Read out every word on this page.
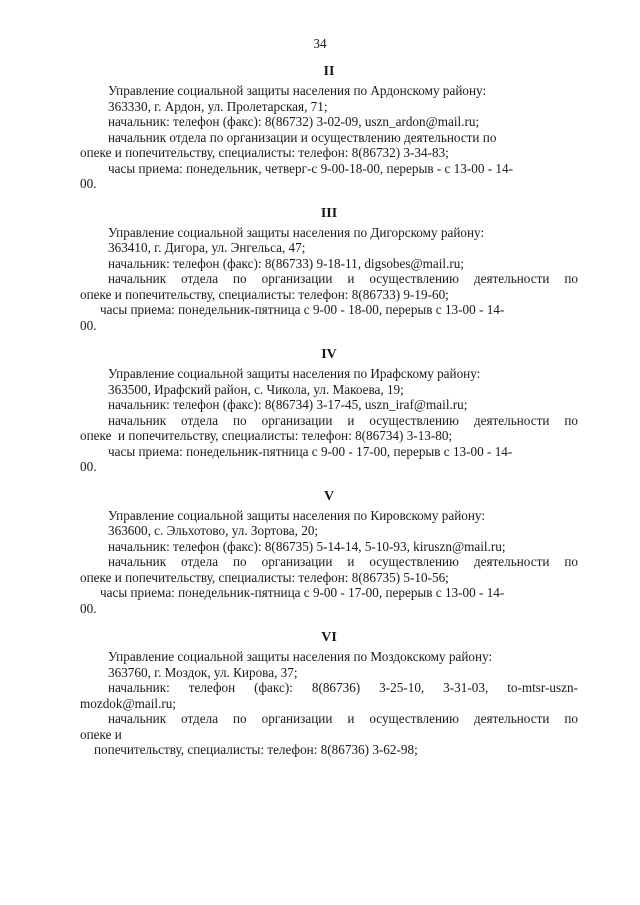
34
II
Управление социальной защиты населения по Ардонскому району:
363330, г. Ардон, ул. Пролетарская, 71;
начальник: телефон (факс): 8(86732) 3-02-09, uszn_ardon@mail.ru;
начальник отдела по организации и осуществлению деятельности по
опеке и попечительству, специалисты: телефон: 8(86732) 3-34-83;
часы приема: понедельник, четверг-с 9-00-18-00, перерыв - с 13-00 - 14-
00.
III
Управление социальной защиты населения по Дигорскому району:
363410, г. Дигора, ул. Энгельса, 47;
начальник: телефон (факс): 8(86733) 9-18-11, digsobes@mail.ru;
начальник отдела по организации и осуществлению деятельности по
опеке и попечительству, специалисты: телефон: 8(86733) 9-19-60;
часы приема: понедельник-пятница с 9-00 - 18-00, перерыв с 13-00 - 14-
00.
IV
Управление социальной защиты населения по Ирафскому району:
363500, Ирафский район, с. Чикола, ул. Макоева, 19;
начальник: телефон (факс): 8(86734) 3-17-45, uszn_iraf@mail.ru;
начальник отдела по организации и осуществлению деятельности по
опеке  и попечительству, специалисты: телефон: 8(86734) 3-13-80;
часы приема: понедельник-пятница с 9-00 - 17-00, перерыв с 13-00 - 14-
00.
V
Управление социальной защиты населения по Кировскому району:
363600, с. Эльхотово, ул. Зортова, 20;
начальник: телефон (факс): 8(86735) 5-14-14, 5-10-93, kiruszn@mail.ru;
начальник отдела по организации и осуществлению деятельности по
опеке и попечительству, специалисты: телефон: 8(86735) 5-10-56;
часы приема: понедельник-пятница с 9-00 - 17-00, перерыв с 13-00 - 14-
00.
VI
Управление социальной защиты населения по Моздокскому району:
363760, г. Моздок, ул. Кирова, 37;
начальник: телефон (факс): 8(86736) 3-25-10, 3-31-03, to-mtsr-uszn-
mozdok@mail.ru;
начальник отдела по организации и осуществлению деятельности по
опеке и
попечительству, специалисты: телефон: 8(86736) 3-62-98;
